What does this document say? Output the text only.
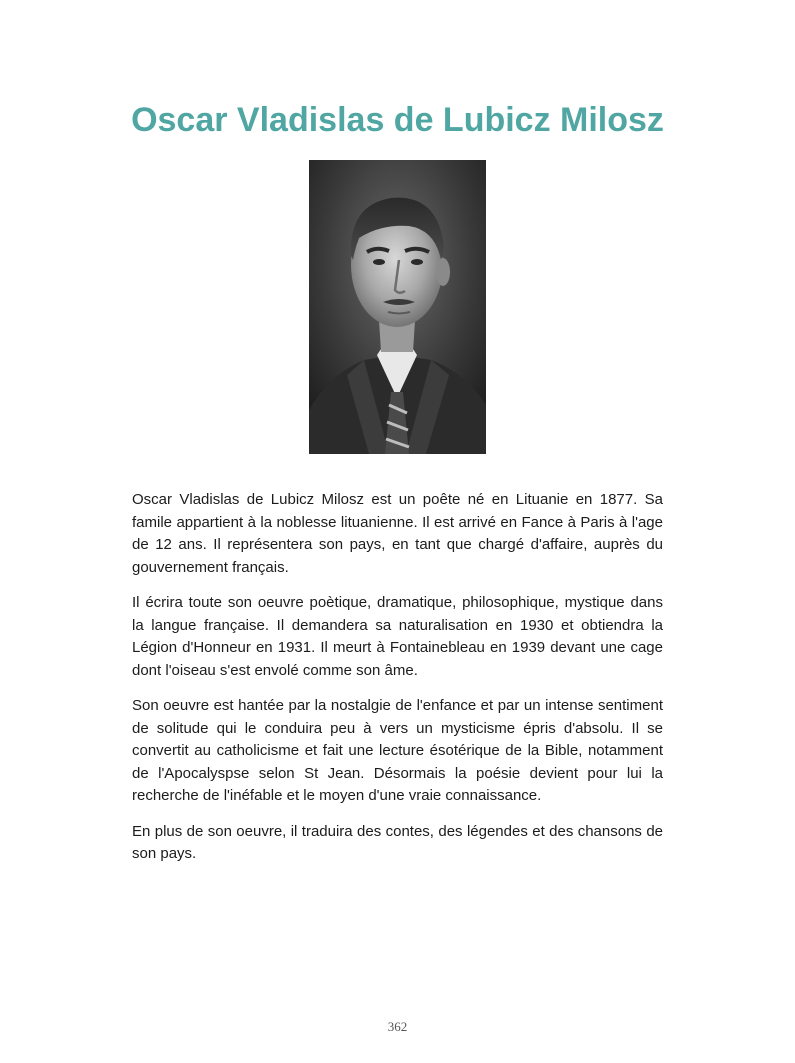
Oscar Vladislas de Lubicz Milosz

Oscar Vladislas de Lubicz Milosz est un poête né en Lituanie en 1877. Sa famile appartient à la noblesse lituanienne. Il est arrivé en Fance à Paris à l'age de 12 ans. Il représentera son pays, en tant que chargé d'affaire, auprès du gouvernement français.

Il écrira toute son oeuvre poètique, dramatique, philosophique, mystique dans la langue française. Il demandera sa naturalisation en 1930 et obtiendra la Légion d'Honneur en 1931. Il meurt à Fontainebleau en 1939 devant une cage dont l'oiseau s'est envolé comme son âme.

Son oeuvre est hantée par la nostalgie de l'enfance et par un intense sentiment de solitude qui le conduira peu à vers un mysticisme épris d'absolu. Il se convertit au catholicisme et fait une lecture ésotérique de la Bible, notamment de l'Apocalyspse selon St Jean. Désormais la poésie devient pour lui la recherche de l'inéfable et le moyen d'une vraie connaissance.

En plus de son oeuvre, il traduira des contes, des légendes et des chansons de son pays.

362
